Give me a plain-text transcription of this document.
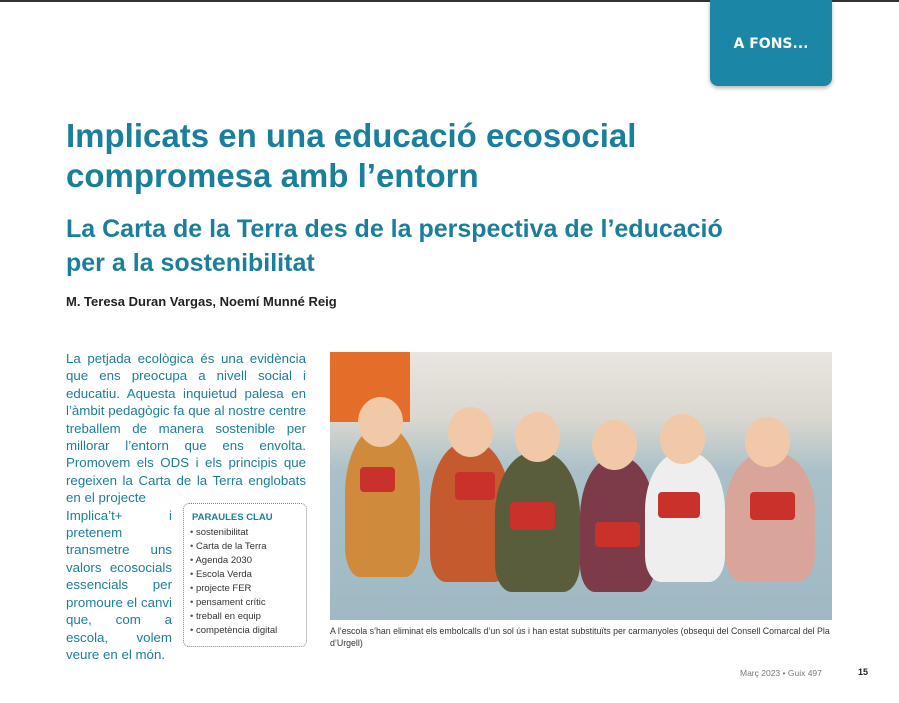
A FONS...
Implicats en una educació ecosocial compromesa amb l’entorn
La Carta de la Terra des de la perspectiva de l’educació per a la sostenibilitat
M. Teresa Duran Vargas, Noemí Munné Reig
La petjada ecològica és una evidència que ens preocupa a nivell social i educatiu. Aquesta inquietud palesa en l’àmbit pedagògic fa que al nostre centre treballem de manera sostenible per millorar l’entorn que ens envolta. Promovem els ODS i els principis que regeixen la Carta de la Terra englobats en el projecte
Implica’t+ i pretenem transmetre uns valors ecosocials essencials per promoure el canvi que, com a escola, volem veure en el món.
PARAULES CLAU
• sostenibilitat
• Carta de la Terra
• Agenda 2030
• Escola Verda
• projecte FER
• pensament crític
• treball en equip
• competència digital	A l’escola s’han eliminat els embolcalls d’un sol ús i han estat substituïts per carmanyoles (obsequi del Consell Comarcal del Pla d’Urgell)
Març 2023 • Guix 497	15
